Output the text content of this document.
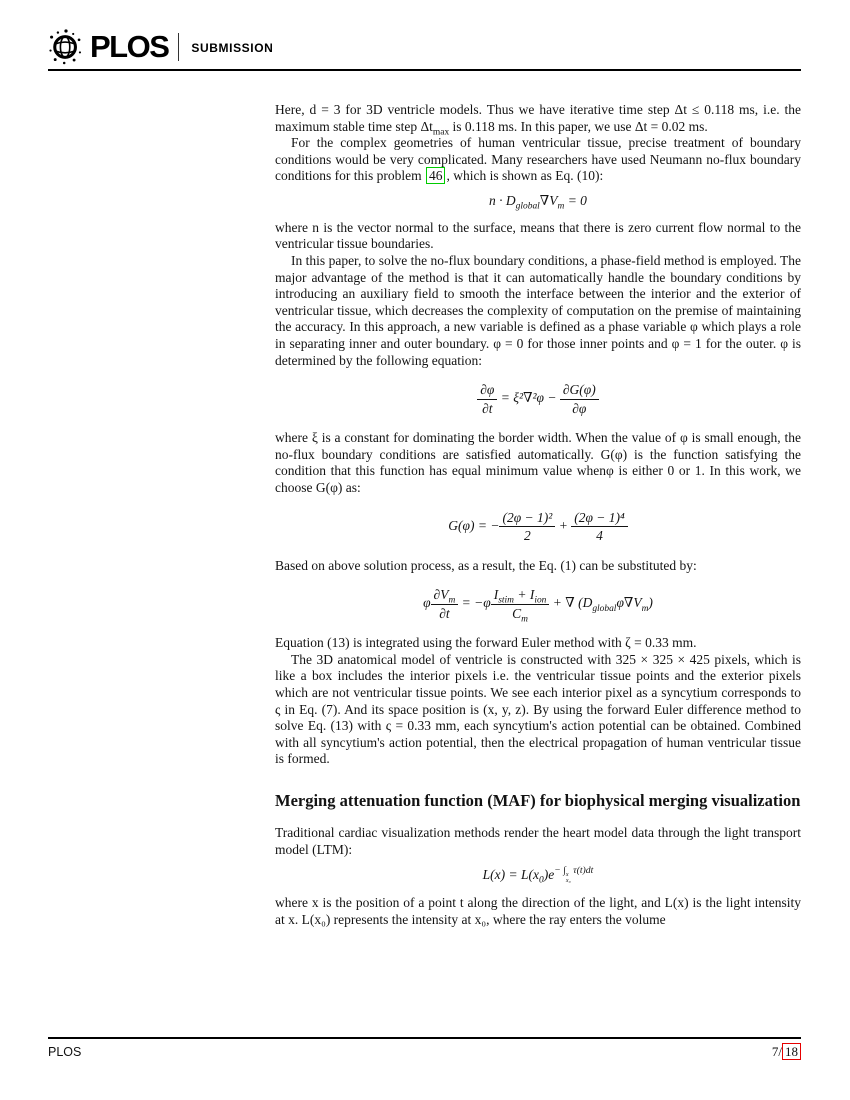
PLOS SUBMISSION

Here, d = 3 for 3D ventricle models. Thus we have iterative time step Δt ≤ 0.118 ms, i.e. the maximum stable time step $\Delta t_{max}$ is 0.118 ms. In this paper, we use Δt = 0.02 ms.

For the complex geometries of human ventricular tissue, precise treatment of boundary conditions would be very complicated. Many researchers have used Neumann no-flux boundary conditions for this problem 46 , which is shown as Eq. (10):

$n \cdot D_{global}\nabla V_m = 0$

where n is the vector normal to the surface, means that there is zero current flow normal to the ventricular tissue boundaries.

In this paper, to solve the no-flux boundary conditions, a phase-field method is employed. The major advantage of the method is that it can automatically handle the boundary conditions by introducing an auxiliary field to smooth the interface between the interior and the exterior of ventricular tissue, which decreases the complexity of computation on the premise of maintaining the accuracy. In this approach, a new variable is defined as a phase variable φ which plays a role in separating inner and outer boundary. φ = 0 for those inner points and φ = 1 for the outer. φ is determined by the following equation:

$\frac{\partial\varphi}{\partial t} = \xi^2\nabla^2\varphi - \frac{\partial G(\varphi)}{\partial\varphi}$

where ξ is a constant for dominating the border width. When the value of φ is small enough, the no-flux boundary conditions are satisfied automatically. G(φ) is the function satisfying the condition that this function has equal minimum value whenφ is either 0 or 1. In this work, we choose G(φ) as:

G(φ) = − $\frac{\text{(2φ − 1)²}}{2} + \frac{\text{(2φ − 1)⁴}}{4}$

Based on above solution process, as a result, the Eq. (1) can be substituted by:

φ $\frac{\partial V_m}{\partial t} = -\varphi \frac{I_{stim} + I_{ion}}{C_m}$ + ∇ $(D_{global}\varphi\nabla V_m)$

Equation (13) is integrated using the forward Euler method with ζ = 0.33 mm.

The 3D anatomical model of ventricle is constructed with 325 × 325 × 425 pixels, which is like a box includes the interior pixels i.e. the ventricular tissue points and the exterior pixels which are not ventricular tissue points. We see each interior pixel as a syncytium corresponds to ς in Eq. (7). And its space position is (x, y, z). By using the forward Euler difference method to solve Eq. (13) with ς = 0.33 mm, each syncytium's action potential can be obtained. Combined with all syncytium's action potential, then the electrical propagation of human ventricular tissue is formed.

Merging attenuation function (MAF) for biophysical merging visualization

Traditional cardiac visualization methods render the heart model data through the light transport model (LTM):

$L(x) = L(x_0)e^{- \int x x_0 \tau(t)dt}$

where x is the position of a point t along the direction of the light, and L(x) is the light intensity at x. L(x₀) represents the intensity at x₀, where the ray enters the volume

PLOS	7/ 18
